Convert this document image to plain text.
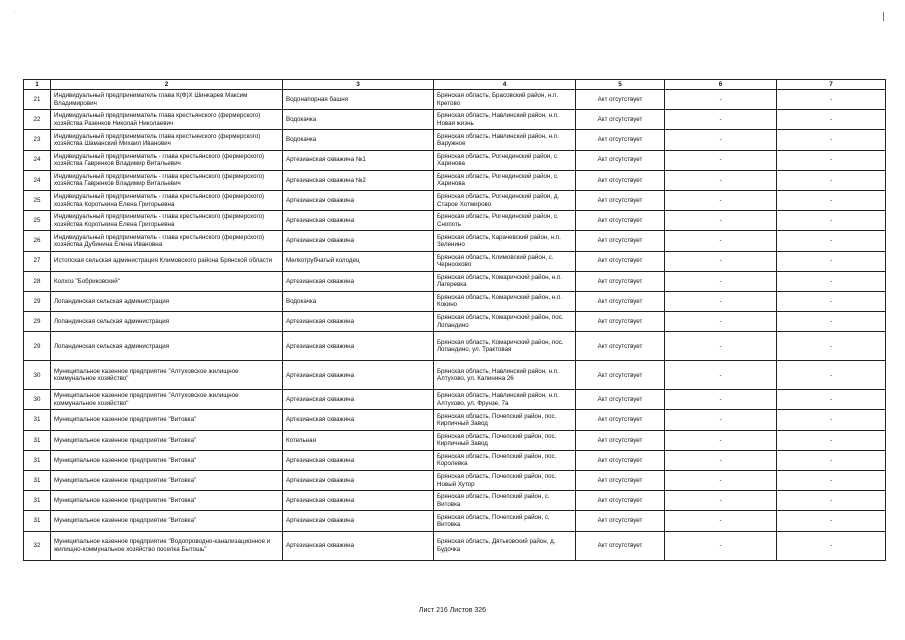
·
1	2	3	4	5	6	7
21	Индивидуальный предприниматель глава К(Ф)Х Шинкарев Максим Владимирович	Водонапорная башня	Брянская область, Брасовский район, н.п. Кретово	Акт отсутствует	-	-
22	Индивидуальный предприниматель глава крестьянского (фермерского) хозяйства Разенков Николай Николаевич	Водокачка	Брянская область, Навлинский район, н.п. Новая жизнь	Акт отсутствует	-	-
23	Индивидуальный предприниматель глава крестьянского (фермерского) хозяйства Шаманский Михаил Иванович	Водокачка	Брянская область, Навлинский район, н.п. Варужное	Акт отсутствует	-	-
24	Индивидуальный предприниматель - глава крестьянского (фермерского) хозяйства Гавренков Владимир Витальевич	Артезианская скважина №1	Брянская область, Рогнединский район, с. Харинова	Акт отсутствует	-	-
24	Индивидуальный предприниматель - глава крестьянского (фермерского) хозяйства Гавренков Владимир Витальевич	Артезианская скважина №2	Брянская область, Рогнединский район, с. Харинова	Акт отсутствует	-	-
25	Индивидуальный предприниматель - глава крестьянского (фермерского) хозяйства Коротькина Елена Григорьевна	Артезианская скважина	Брянская область, Рогнединский район, д. Старое Хотмирово	Акт отсутствует	-	-
25	Индивидуальный предприниматель - глава крестьянского (фермерского) хозяйства Коротькина Елена Григорьевна	Артезианская скважина	Брянская область, Рогнединский район, с. Снопоть	Акт отсутствует	-	-
26	Индивидуальный предприниматель - глава крестьянского (фермерского) хозяйства Дубинина Елена Ивановна	Артезианская скважина	Брянская область, Карачевский район, н.п. Зеленино	Акт отсутствует	-	-
27	Истопская сельская администрация Климовского района Брянской области	Мелкотрубчатый колодец	Брянская область, Климовский район, с. Чернооково	Акт отсутствует	-	-
28	Колхоз "Бобриковский"	Артезианская скважина	Брянская область, Комаричский район, н.п. Лагеревка	Акт отсутствует	-	-
29	Лопандинская сельская администрация	Водокачка	Брянская область, Комаричский район, н.п. Кокино	Акт отсутствует	-	-
29	Лопандинская сельская администрация	Артезианская скважина	Брянская область, Комаричский район, пос. Лопандино	Акт отсутствует	-	-
29	Лопандинская сельская администрация	Артезианская скважина	Брянская область, Комаричский район, пос. Лопандино, ул. Трактовая	Акт отсутствует	-	-
30	Муниципальное казенное предприятие "Алтуховское жилищное коммунальное хозяйство"	Артезианская скважина	Брянская область, Навлинский район, н.п. Алтухово, ул. Калинина 26	Акт отсутствует	-	-
30	Муниципальное казенное предприятие "Алтуховское жилищное коммунальное хозяйство"	Артезианская скважина	Брянская область, Навлинский район, н.п. Алтухово, ул. Фрунзе, 7а	Акт отсутствует	-	-
31	Муниципальное казенное предприятие "Витовка"	Артезианская скважина	Брянская область, Почепский район, пос. Кирпичный Завод	Акт отсутствует	-	-
31	Муниципальное казенное предприятие "Витовка"	Котельная	Брянская область, Почепский район, пос. Кирпичный Завод	Акт отсутствует	-	-
31	Муниципальное казенное предприятие "Витовка"	Артезианская скважина	Брянская область, Почепский район, пос. Королевка	Акт отсутствует	-	-
31	Муниципальное казенное предприятие "Витовка"	Артезианская скважина	Брянская область, Почепский район, пос. Новый Хутор	Акт отсутствует	-	-
31	Муниципальное казенное предприятие "Витовка"	Артезианская скважина	Брянская область, Почепский район, с. Витовка	Акт отсутствует	-	-
31	Муниципальное казенное предприятие "Витовка"	Артезианская скважина	Брянская область, Почепский район, с. Витовка	Акт отсутствует	-	-
32	Муниципальное казенное предприятие "Водопроводно-канализационное и жилищно-коммунальное хозяйство поселка Бытошь"	Артезианская скважина	Брянская область, Дятьковский район, д. Будочка	Акт отсутствует	-	-
Лист 216 Листов 326
